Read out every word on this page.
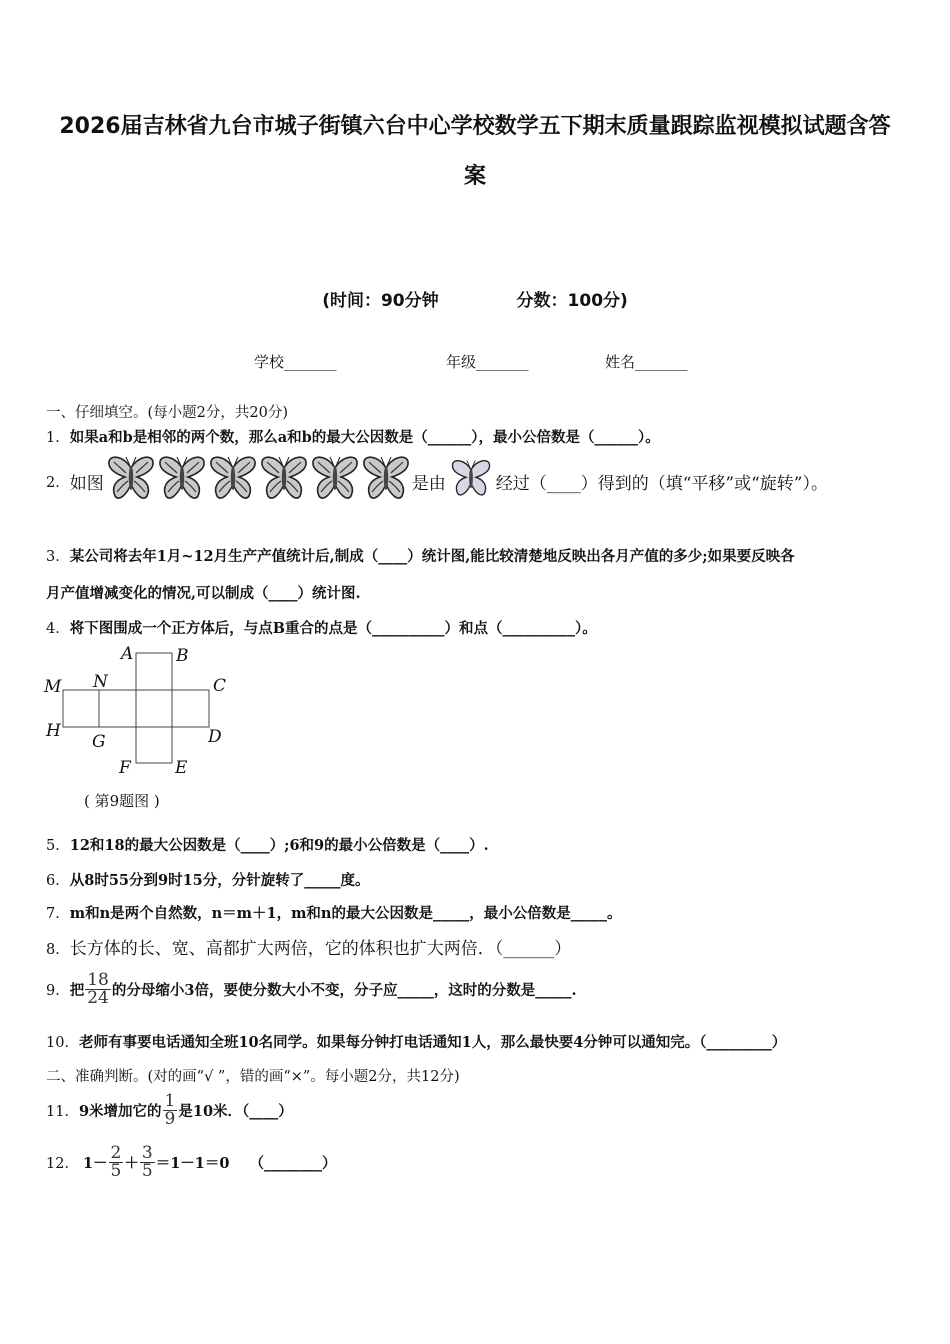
2026届吉林省九台市城子街镇六台中心学校数学五下期末质量跟踪监视模拟试题含答
案
(时间：90分钟	分数：100分)
学校_______	年级_______	姓名_______
一、仔细填空。(每小题2分，共20分)
1．如果a和b是相邻的两个数，那么a和b的最大公因数是（______），最小公倍数是（______）。
2． 如图	是由	经过（____）得到的（填“平移”或“旋转”）。
3．某公司将去年1月~12月生产产值统计后,制成（____）统计图,能比较清楚地反映出各月产值的多少;如果要反映各
月产值增减变化的情况,可以制成（____）统计图.
4．将下图围成一个正方体后，与点B重合的点是（__________）和点（__________）。
A	B
M N	C
H
G	D
F	E
( 第9题图 )
5．12和18的最大公因数是（____）;6和9的最小公倍数是（____）.
6．从8时55分到9时15分，分针旋转了_____度。
7．m和n是两个自然数，n＝m＋1，m和n的最大公因数是_____，最小公倍数是_____。
8．长方体的长、宽、高都扩大两倍，它的体积也扩大两倍．（______）
9． 把 $\frac{18}{24}$ 的分母缩小3倍，要使分数大小不变，分子应_____，这时的分数是_____.
10．老师有事要电话通知全班10名同学。如果每分钟打电话通知1人，那么最快要4分钟可以通知完。（_________）
二、准确判断。(对的画“√ ”，错的画“×”。每小题2分，共12分)
11． 9米增加它的 $\frac{1}{9}$ 是10米．（____）
12． $1- \frac{2}{5} + \frac{3}{5} =1-1=0$ （________）
